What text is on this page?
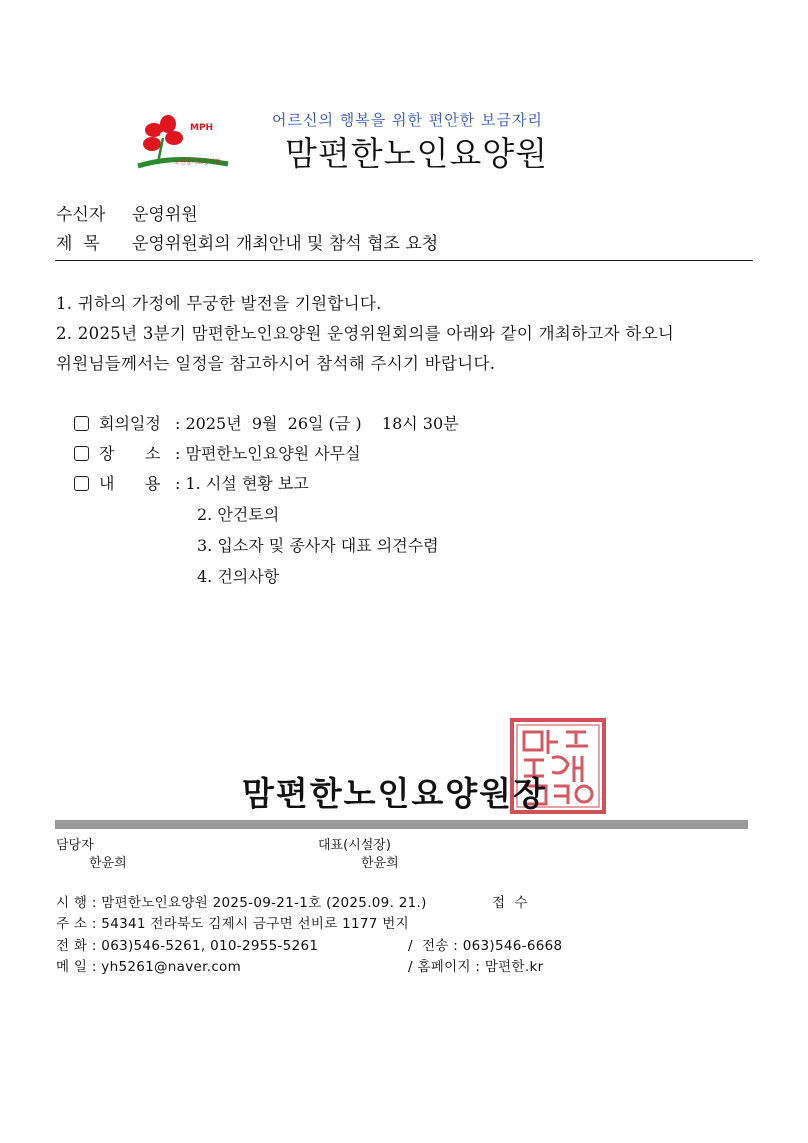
MPH
노인장기요양기관
어르신의 행복을 위한 편안한 보금자리
맘편한노인요양원
수신자 운영위원
제  목 운영위원회의 개최안내 및 참석 협조 요청
1. 귀하의 가정에 무궁한 발전을 기원합니다.
2. 2025년 3분기 맘편한노인요양원 운영위원회의를 아래와 같이 개최하고자 하오니
위원님들께서는 일정을 참고하시어 참석해 주시기 바랍니다.
회의일정 : 2025년  9월  26일 (금 )    18시 30분
장      소 : 맘편한노인요양원 사무실
내      용 : 1. 시설 현황 보고
2. 안건토의
3. 입소자 및 종사자 대표 의견수렴
4. 건의사항
맘편한노인요양원장
담당자
한윤희
대표(시설장)
한윤희
시 행 : 맘편한노인요양원 2025-09-21-1호 (2025.09. 21.)	접  수
주 소 : 54341 전라북도 김제시 금구면 선비로 1177 번지
전 화 : 063)546-5261, 010-2955-5261	/  전송 : 063)546-6668
메 일 : yh5261@naver.com	/ 홈페이지 : 맘편한.kr
